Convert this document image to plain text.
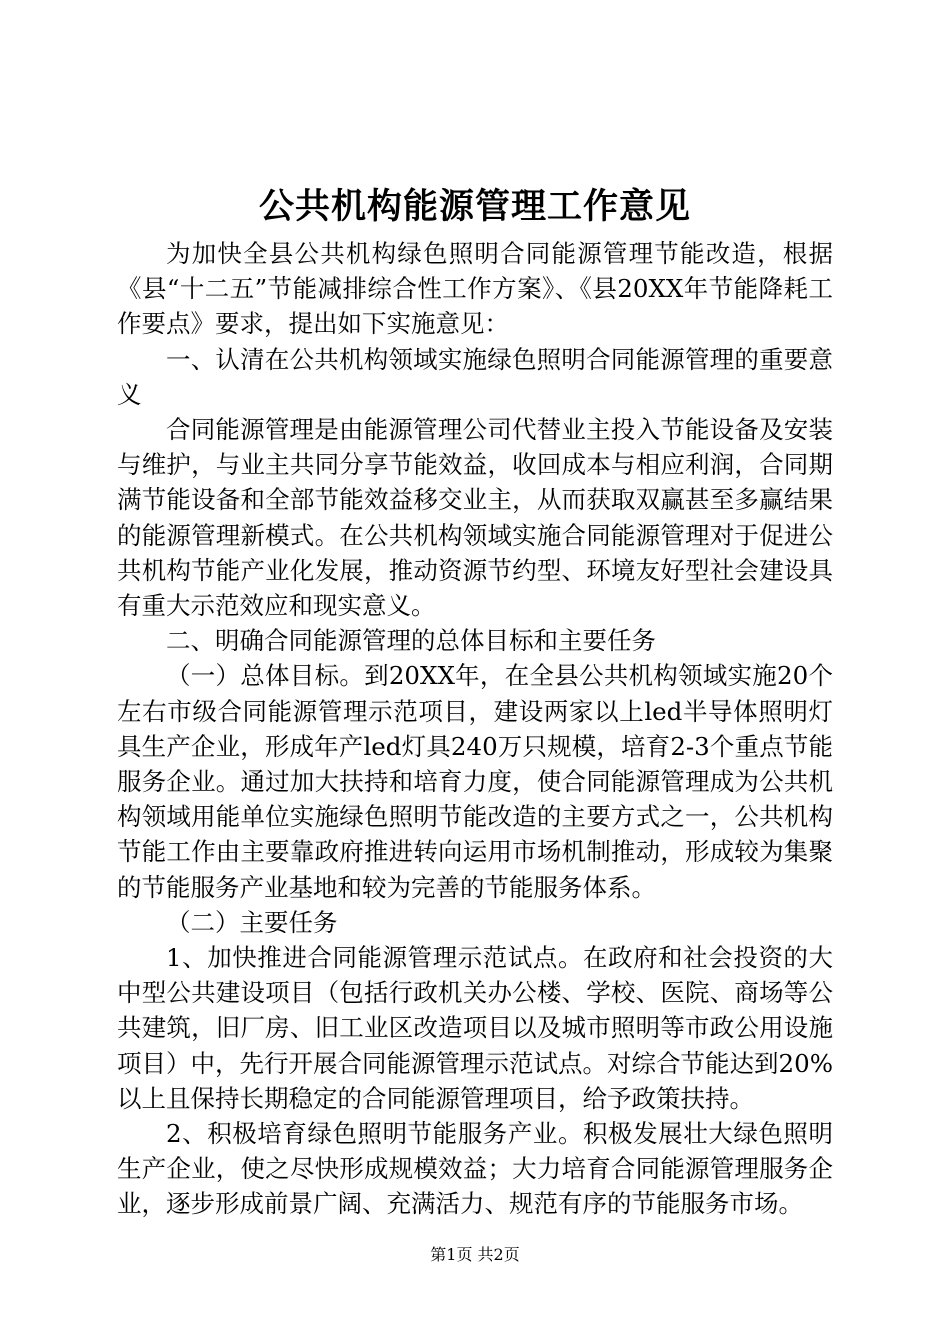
公共机构能源管理工作意见

为加快全县公共机构绿色照明合同能源管理节能改造，根据《县“十二五”节能减排综合性工作方案》、《县20XX年节能降耗工作要点》要求，提出如下实施意见：

一、认清在公共机构领域实施绿色照明合同能源管理的重要意义

合同能源管理是由能源管理公司代替业主投入节能设备及安装与维护，与业主共同分享节能效益，收回成本与相应利润，合同期满节能设备和全部节能效益移交业主，从而获取双赢甚至多赢结果的能源管理新模式。在公共机构领域实施合同能源管理对于促进公共机构节能产业化发展，推动资源节约型、环境友好型社会建设具有重大示范效应和现实意义。

二、明确合同能源管理的总体目标和主要任务

（一）总体目标。到20XX年，在全县公共机构领域实施20个左右市级合同能源管理示范项目，建设两家以上led半导体照明灯具生产企业，形成年产led灯具240万只规模，培育2-3个重点节能服务企业。通过加大扶持和培育力度，使合同能源管理成为公共机构领域用能单位实施绿色照明节能改造的主要方式之一，公共机构节能工作由主要靠政府推进转向运用市场机制推动，形成较为集聚的节能服务产业基地和较为完善的节能服务体系。

（二）主要任务

1、加快推进合同能源管理示范试点。在政府和社会投资的大中型公共建设项目（包括行政机关办公楼、学校、医院、商场等公共建筑，旧厂房、旧工业区改造项目以及城市照明等市政公用设施项目）中，先行开展合同能源管理示范试点。对综合节能达到20%以上且保持长期稳定的合同能源管理项目，给予政策扶持。

2、积极培育绿色照明节能服务产业。积极发展壮大绿色照明生产企业，使之尽快形成规模效益；大力培育合同能源管理服务企业，逐步形成前景广阔、充满活力、规范有序的节能服务市场。

第1页 共2页
